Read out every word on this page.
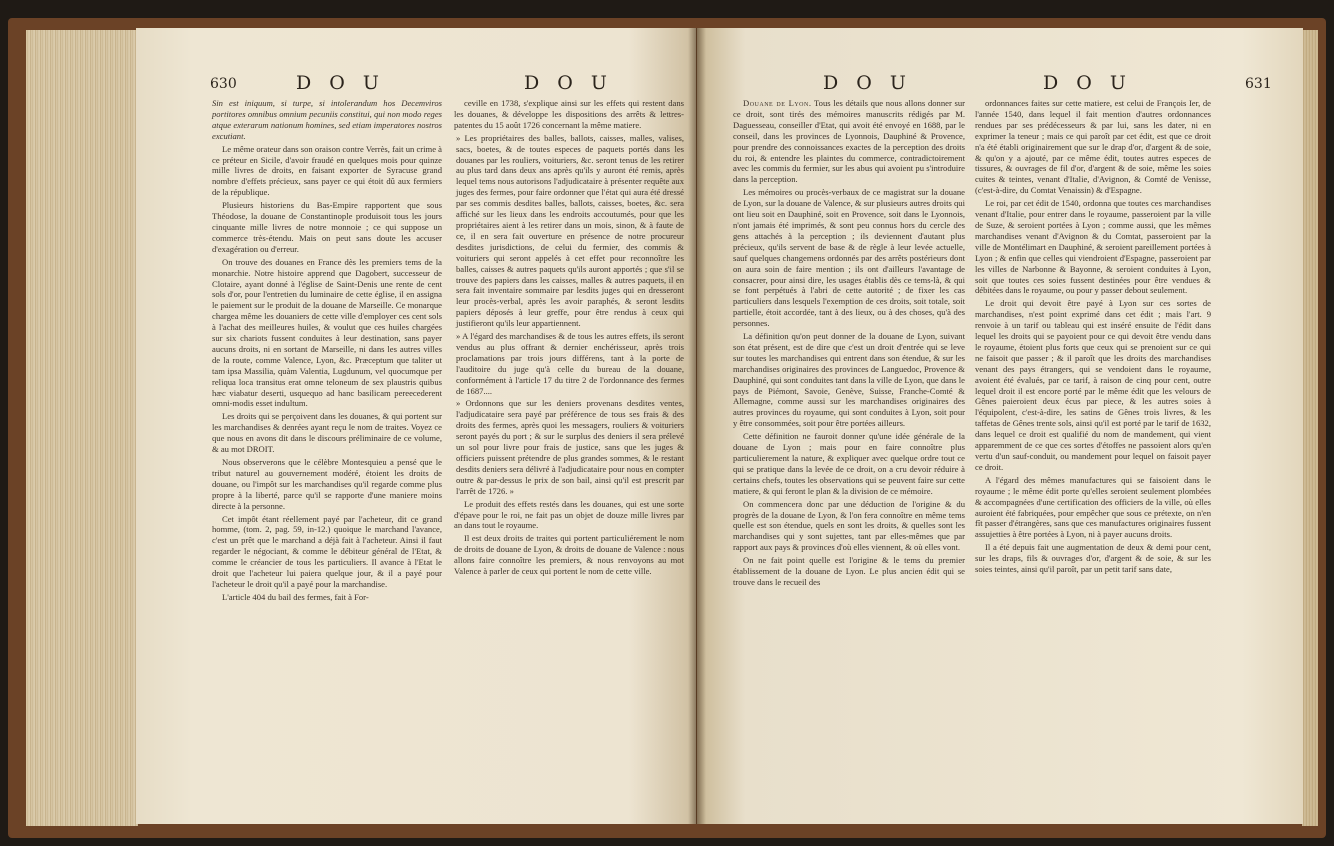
630	D O U	D O U

Sin est iniquum, si turpe, si intolerandum hos Decemviros portitores omnibus omnium pecuniis constitui, qui non modo reges atque exterarum nationum homines, sed etiam imperatores nostros excutiant.

Le même orateur dans son oraison contre Verrès, fait un crime à ce préteur en Sicile, d'avoir fraudé en quelques mois pour quinze mille livres de droits, en faisant exporter de Syracuse grand nombre d'effets précieux, sans payer ce qui étoit dû aux fermiers de la république.

Plusieurs historiens du Bas-Empire rapportent que sous Théodose, la douane de Constantinople produisoit tous les jours cinquante mille livres de notre monnoie ; ce qui suppose un commerce très-étendu. Mais on peut sans doute les accuser d'exagération ou d'erreur.

On trouve des douanes en France dès les premiers tems de la monarchie. Notre histoire apprend que Dagobert, successeur de Clotaire, ayant donné à l'église de Saint-Denis une rente de cent sols d'or, pour l'entretien du luminaire de cette église, il en assigna le paiement sur le produit de la douane de Marseille. Ce monarque chargea même les douaniers de cette ville d'employer ces cent sols à l'achat des meilleures huiles, & voulut que ces huiles chargées sur six chariots fussent conduites à leur destination, sans payer aucuns droits, ni en sortant de Marseille, ni dans les autres villes de la route, comme Valence, Lyon, &c. Præceptum que taliter ut tam ipsa Massilia, quàm Valentia, Lugdunum, vel quocumque per reliqua loca transitus erat omne teloneum de sex plaustris quibus hæc viabatur deserti, usquequo ad hanc basilicam pereecederent omni-modis esset indultum.

Les droits qui se perçoivent dans les douanes, & qui portent sur les marchandises & denrées ayant reçu le nom de traites. Voyez ce que nous en avons dit dans le discours préliminaire de ce volume, & au mot DROIT.

Nous observerons que le célèbre Montesquieu a pensé que le tribut naturel au gouvernement modéré, étoient les droits de douane, ou l'impôt sur les marchandises qu'il regarde comme plus propre à la liberté, parce qu'il se rapporte d'une maniere moins directe à la personne.

Cet impôt étant réellement payé par l'acheteur, dit ce grand homme, (tom. 2, pag. 59, in-12.) quoique le marchand l'avance, c'est un prêt que le marchand a déjà fait à l'acheteur. Ainsi il faut regarder le négociant, & comme le débiteur général de l'Etat, & comme le créancier de tous les particuliers. Il avance à l'Etat le droit que l'acheteur lui paiera quelque jour, & il a payé pour l'acheteur le droit qu'il a payé pour la marchandise.

L'article 404 du bail des fermes, fait à For-

ceville en 1738, s'explique ainsi sur les effets qui restent dans les douanes, & développe les dispositions des arrêts & lettres-patentes du 15 août 1726 concernant la même matiere.

» Les propriétaires des balles, ballots, caisses, malles, valises, sacs, boetes, & de toutes especes de paquets portés dans les douanes par les rouliers, voituriers, &c. seront tenus de les retirer au plus tard dans deux ans après qu'ils y auront été remis, après lequel tems nous autorisons l'adjudicataire à présenter requête aux juges des fermes, pour faire ordonner que l'état qui aura été dressé par ses commis desdites balles, ballots, caisses, boetes, &c. sera affiché sur les lieux dans les endroits accoutumés, pour que les propriétaires aient à les retirer dans un mois, sinon, & à faute de ce, il en sera fait ouverture en présence de notre procureur desdites jurisdictions, de celui du fermier, des commis & voituriers qui seront appelés à cet effet pour reconnoître les balles, caisses & autres paquets qu'ils auront apportés ; que s'il se trouve des papiers dans les caisses, malles & autres paquets, il en sera fait inventaire sommaire par lesdits juges qui en dresseront leur procès-verbal, après les avoir paraphés, & seront lesdits papiers déposés à leur greffe, pour être rendus à ceux qui justifieront qu'ils leur appartiennent.

» A l'égard des marchandises & de tous les autres effets, ils seront vendus au plus offrant & dernier enchérisseur, après trois proclamations par trois jours différens, tant à la porte de l'auditoire du juge qu'à celle du bureau de la douane, conformément à l'article 17 du titre 2 de l'ordonnance des fermes de 1687....

» Ordonnons que sur les deniers provenans desdites ventes, l'adjudicataire sera payé par préférence de tous ses frais & des droits des fermes, après quoi les messagers, rouliers & voituriers seront payés du port ; & sur le surplus des deniers il sera prélevé un sol pour livre pour frais de justice, sans que les juges & officiers puissent prétendre de plus grandes sommes, & le restant desdits deniers sera délivré à l'adjudicataire pour nous en compter outre & par-dessus le prix de son bail, ainsi qu'il est prescrit par l'arrêt de 1726. »

Le produit des effets restés dans les douanes, qui est une sorte d'épave pour le roi, ne fait pas un objet de douze mille livres par an dans tout le royaume.

Il est deux droits de traites qui portent particuliérement le nom de droits de douane de Lyon, & droits de douane de Valence : nous allons faire connoître les premiers, & nous renvoyons au mot Valence à parler de ceux qui portent le nom de cette ville.

D O U	D O U	631

Douane de Lyon. Tous les détails que nous allons donner sur ce droit, sont tirés des mémoires manuscrits rédigés par M. Daguesseau, conseiller d'Etat, qui avoit été envoyé en 1688, par le conseil, dans les provinces de Lyonnois, Dauphiné & Provence, pour prendre des connoissances exactes de la perception des droits du roi, & entendre les plaintes du commerce, contradictoirement avec les commis du fermier, sur les abus qui avoient pu s'introduire dans la perception.

Les mémoires ou procès-verbaux de ce magistrat sur la douane de Lyon, sur la douane de Valence, & sur plusieurs autres droits qui ont lieu soit en Dauphiné, soit en Provence, soit dans le Lyonnois, n'ont jamais été imprimés, & sont peu connus hors du cercle des gens attachés à la perception ; ils deviennent d'autant plus précieux, qu'ils servent de base & de règle à leur levée actuelle, sauf quelques changemens ordonnés par des arrêts postérieurs dont on aura soin de faire mention ; ils ont d'ailleurs l'avantage de consacrer, pour ainsi dire, les usages établis dès ce tems-là, & qui se font perpétués à l'abri de cette autorité ; de fixer les cas particuliers dans lesquels l'exemption de ces droits, soit totale, soit partielle, étoit accordée, tant à des lieux, ou à des choses, qu'à des personnes.

La définition qu'on peut donner de la douane de Lyon, suivant son état présent, est de dire que c'est un droit d'entrée qui se leve sur toutes les marchandises qui entrent dans son étendue, & sur les marchandises originaires des provinces de Languedoc, Provence & Dauphiné, qui sont conduites tant dans la ville de Lyon, que dans le pays de Piémont, Savoie, Genève, Suisse, Franche-Comté & Allemagne, comme aussi sur les marchandises originaires des autres provinces du royaume, qui sont conduites à Lyon, soit pour y être consommées, soit pour être portées ailleurs.

Cette définition ne fauroit donner qu'une idée générale de la douane de Lyon ; mais pour en faire connoître plus particulierement la nature, & expliquer avec quelque ordre tout ce qui se pratique dans la levée de ce droit, on a cru devoir réduire à certains chefs, toutes les observations qui se peuvent faire sur cette matiere, & qui feront le plan & la division de ce mémoire.

On commencera donc par une déduction de l'origine & du progrès de la douane de Lyon, & l'on fera connoître en même tems quelle est son étendue, quels en sont les droits, & quelles sont les marchandises qui y sont sujettes, tant par elles-mêmes que par rapport aux pays & provinces d'où elles viennent, & où elles vont.

On ne fait point quelle est l'origine & le tems du premier établissement de la douane de Lyon. Le plus ancien édit qui se trouve dans le recueil des

ordonnances faites sur cette matiere, est celui de François Ier, de l'année 1540, dans lequel il fait mention d'autres ordonnances rendues par ses prédécesseurs & par lui, sans les dater, ni en exprimer la teneur ; mais ce qui paroît par cet édit, est que ce droit n'a été établi originairement que sur le drap d'or, d'argent & de soie, & qu'on y a ajouté, par ce même édit, toutes autres especes de tissures, & ouvrages de fil d'or, d'argent & de soie, même les soies cuites & teintes, venant d'Italie, d'Avignon, & Comté de Venisse, (c'est-à-dire, du Comtat Venaissin) & d'Espagne.

Le roi, par cet édit de 1540, ordonna que toutes ces marchandises venant d'Italie, pour entrer dans le royaume, passeroient par la ville de Suze, & seroient portées à Lyon ; comme aussi, que les mêmes marchandises venant d'Avignon & du Comtat, passeroient par la ville de Montélimart en Dauphiné, & seroient pareillement portées à Lyon ; & enfin que celles qui viendroient d'Espagne, passeroient par les villes de Narbonne & Bayonne, & seroient conduites à Lyon, soit que toutes ces soies fussent destinées pour être vendues & débitées dans le royaume, ou pour y passer debout seulement.

Le droit qui devoit être payé à Lyon sur ces sortes de marchandises, n'est point exprimé dans cet édit ; mais l'art. 9 renvoie à un tarif ou tableau qui est inséré ensuite de l'édit dans lequel les droits qui se payoient pour ce qui devoit être vendu dans le royaume, étoient plus forts que ceux qui se prenoient sur ce qui ne faisoit que passer ; & il paroît que les droits des marchandises venant des pays étrangers, qui se vendoient dans le royaume, avoient été évalués, par ce tarif, à raison de cinq pour cent, outre lequel droit il est encore porté par le même édit que les velours de Gênes paieroient deux écus par piece, & les autres soies à l'équipolent, c'est-à-dire, les satins de Gênes trois livres, & les taffetas de Gênes trente sols, ainsi qu'il est porté par le tarif de 1632, dans lequel ce droit est qualifié du nom de mandement, qui vient apparemment de ce que ces sortes d'étoffes ne passoient alors qu'en vertu d'un sauf-conduit, ou mandement pour lequel on faisoit payer ce droit.

A l'égard des mêmes manufactures qui se faisoient dans le royaume ; le même édit porte qu'elles seroient seulement plombées & accompagnées d'une certification des officiers de la ville, où elles auroient été fabriquées, pour empêcher que sous ce prétexte, on n'en fît passer d'étrangères, sans que ces manufactures originaires fussent assujetties à être portées à Lyon, ni à payer aucuns droits.

Il a été depuis fait une augmentation de deux & demi pour cent, sur les draps, fils & ouvrages d'or, d'argent & de soie, & sur les soies teintes, ainsi qu'il paroît, par un petit tarif sans date,
